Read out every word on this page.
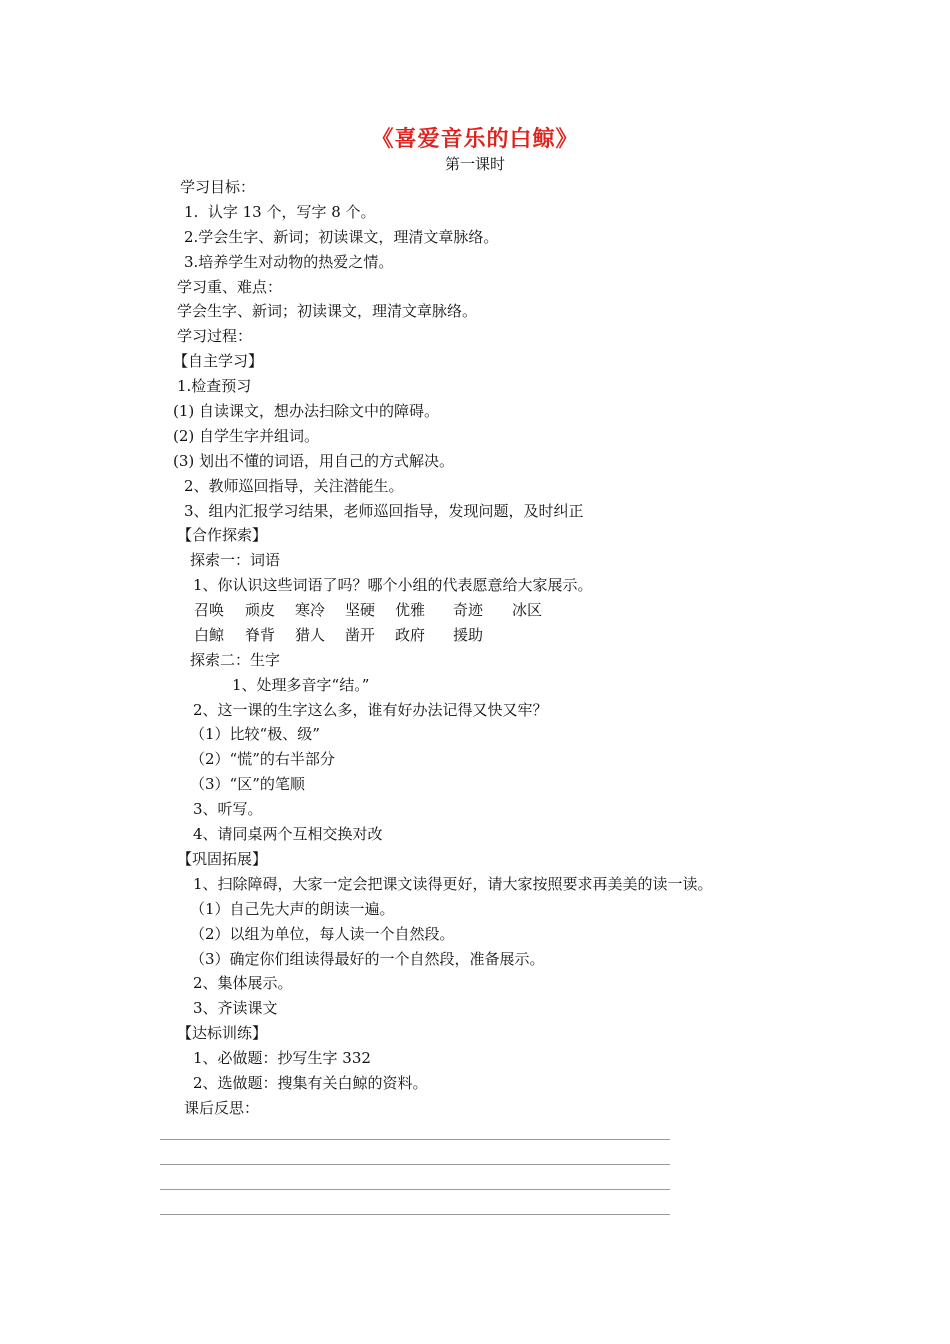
《喜爱音乐的白鲸》
第一课时
学习目标：
1.  认字 13 个，写字 8 个。
2.学会生字、新词；初读课文，理清文章脉络。
3.培养学生对动物的热爱之情。
学习重、难点：
学会生字、新词；初读课文，理清文章脉络。
学习过程：
【自主学习】
1.检查预习
(1) 自读课文，想办法扫除文中的障碍。
(2) 自学生字并组词。
(3) 划出不懂的词语，用自己的方式解决。
2、教师巡回指导，关注潜能生。
3、组内汇报学习结果，老师巡回指导，发现问题，及时纠正
【合作探索】
探索一：词语
1、你认识这些词语了吗？哪个小组的代表愿意给大家展示。
召唤 顽皮 寒冷 坚硬 优雅 奇迹 冰区
白鲸 脊背 猎人 凿开 政府 援助
探索二：生字
1、处理多音字“结。”
2、这一课的生字这么多，谁有好办法记得又快又牢？
（1）比较“极、级”
（2）“慌”的右半部分
（3）“区”的笔顺
3、听写。
4、请同桌两个互相交换对改
【巩固拓展】
1、扫除障碍，大家一定会把课文读得更好，请大家按照要求再美美的读一读。
（1）自己先大声的朗读一遍。
（2）以组为单位，每人读一个自然段。
（3）确定你们组读得最好的一个自然段，准备展示。
2、集体展示。
3、齐读课文
【达标训练】
1、必做题：抄写生字 332
2、选做题：搜集有关白鲸的资料。
课后反思：
